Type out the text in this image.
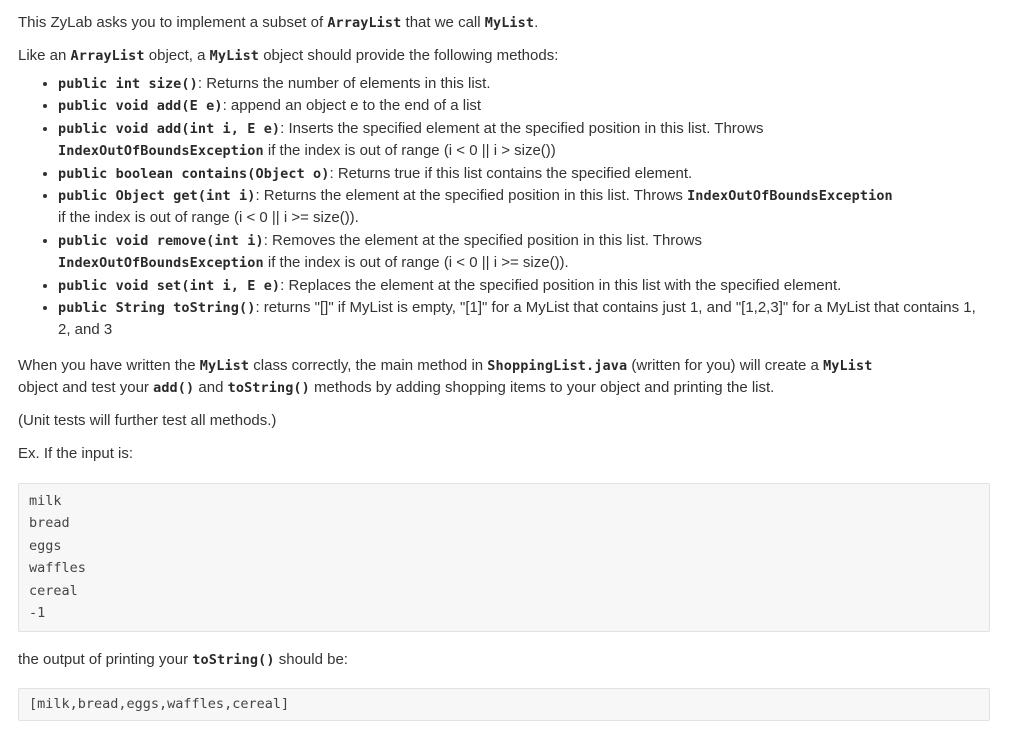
This ZyLab asks you to implement a subset of ArrayList that we call MyList.

Like an ArrayList object, a MyList object should provide the following methods:

• public int size(): Returns the number of elements in this list.
• public void add(E e): append an object e to the end of a list
• public void add(int i, E e): Inserts the specified element at the specified position in this list. Throws
IndexOutOfBoundsException if the index is out of range (i < 0 || i > size())
• public boolean contains(Object o): Returns true if this list contains the specified element.
• public Object get(int i): Returns the element at the specified position in this list. Throws IndexOutOfBoundsException
if the index is out of range (i < 0 || i >= size()).
• public void remove(int i): Removes the element at the specified position in this list. Throws
IndexOutOfBoundsException if the index is out of range (i < 0 || i >= size()).
• public void set(int i, E e): Replaces the element at the specified position in this list with the specified element.
• public String toString(): returns "[]" if MyList is empty, "[1]" for a MyList that contains just 1, and "[1,2,3]" for a MyList that contains 1, 2, and 3

When you have written the MyList class correctly, the main method in ShoppingList.java (written for you) will create a MyList
object and test your add() and toString() methods by adding shopping items to your object and printing the list.

(Unit tests will further test all methods.)

Ex. If the input is:

milk
bread
eggs
waffles
cereal
-1

the output of printing your toString() should be:

[milk,bread,eggs,waffles,cereal]
